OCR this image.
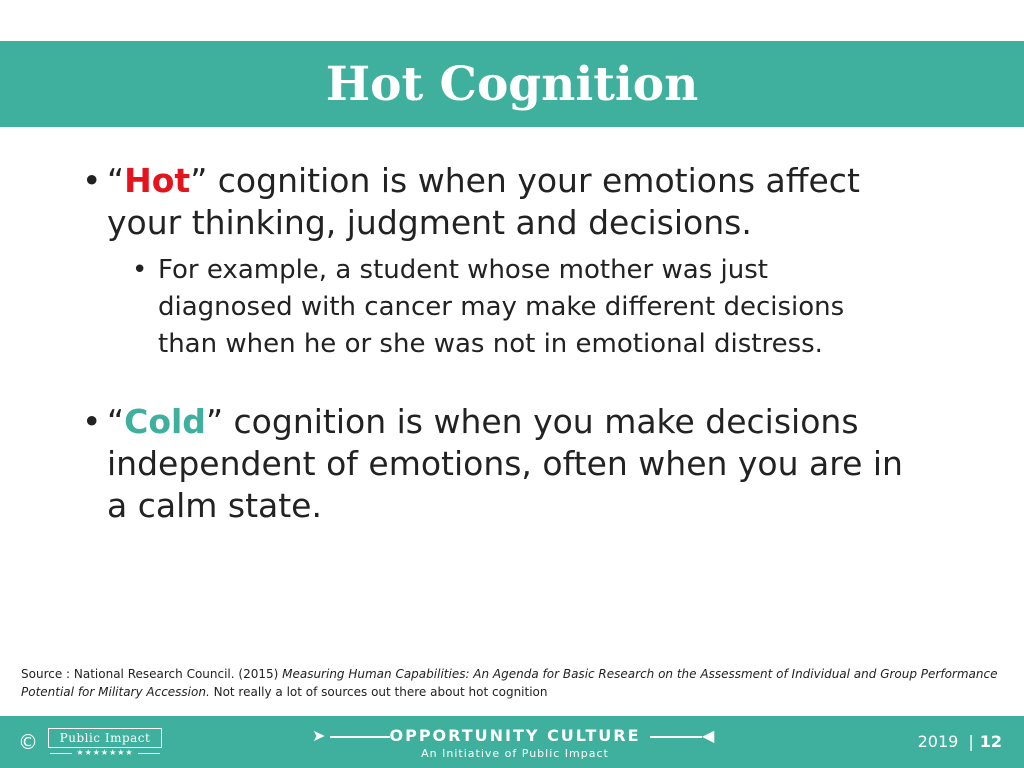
Hot Cognition
• “Hot” cognition is when your emotions affect your thinking, judgment and decisions.
• For example, a student whose mother was just diagnosed with cancer may make different decisions than when he or she was not in emotional distress.
• “Cold” cognition is when you make decisions independent of emotions, often when you are in a calm state.
Source : National Research Council. (2015) Measuring Human Capabilities: An Agenda for Basic Research on the Assessment of Individual and Group Performance Potential for Military Accession. Not really a lot of sources out there about hot cognition
©	Public Impact
★★★★★★★
➤	OPPORTUNITY CULTURE	◀
An Initiative of Public Impact
2019 | 12
